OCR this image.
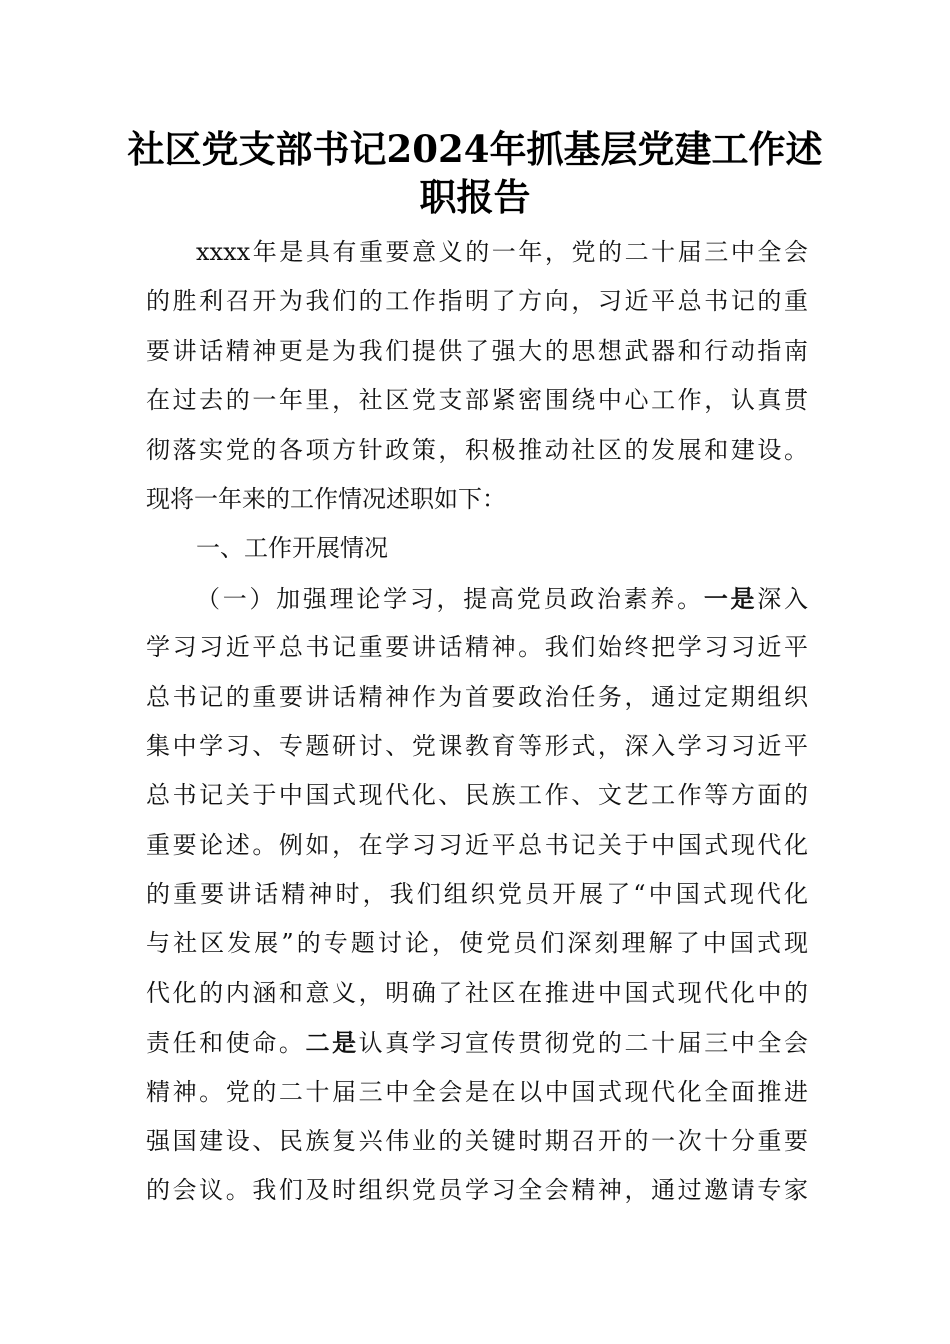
社区党支部书记2024年抓基层党建工作述
职报告
xxxx年是具有重要意义的一年，党的二十届三中全会
的胜利召开为我们的工作指明了方向，习近平总书记的重
要讲话精神更是为我们提供了强大的思想武器和行动指南
在过去的一年里，社区党支部紧密围绕中心工作，认真贯
彻落实党的各项方针政策，积极推动社区的发展和建设。
现将一年来的工作情况述职如下：
一、工作开展情况
（一）加强理论学习，提高党员政治素养。一是深入
学习习近平总书记重要讲话精神。我们始终把学习习近平
总书记的重要讲话精神作为首要政治任务，通过定期组织
集中学习、专题研讨、党课教育等形式，深入学习习近平
总书记关于中国式现代化、民族工作、文艺工作等方面的
重要论述。例如，在学习习近平总书记关于中国式现代化
的重要讲话精神时，我们组织党员开展了“中国式现代化
与社区发展”的专题讨论，使党员们深刻理解了中国式现
代化的内涵和意义，明确了社区在推进中国式现代化中的
责任和使命。二是认真学习宣传贯彻党的二十届三中全会
精神。党的二十届三中全会是在以中国式现代化全面推进
强国建设、民族复兴伟业的关键时期召开的一次十分重要
的会议。我们及时组织党员学习全会精神，通过邀请专家
